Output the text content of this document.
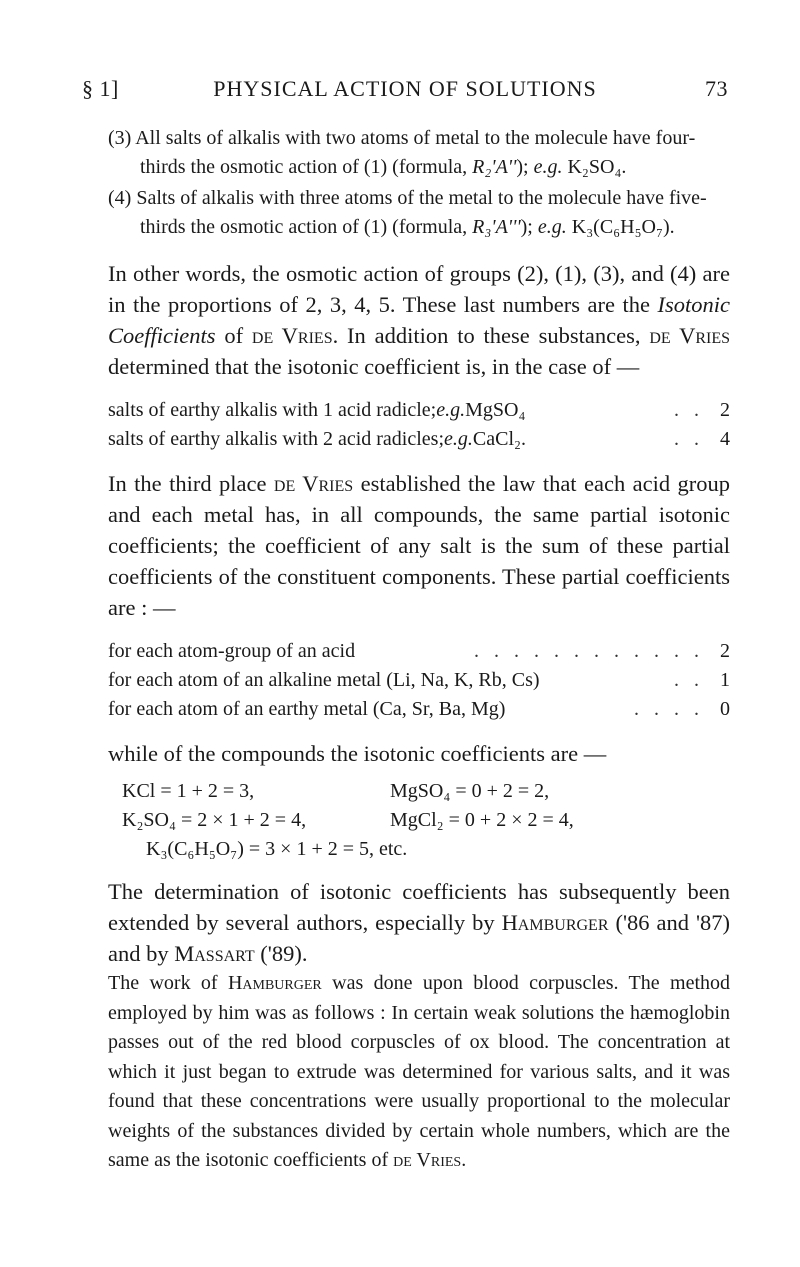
§ 1]	PHYSICAL ACTION OF SOLUTIONS	73

(3) All salts of alkalis with two atoms of metal to the molecule have four-thirds the osmotic action of (1) (formula, R₂'A''); e.g. K₂SO₄.

(4) Salts of alkalis with three atoms of the metal to the molecule have five-thirds the osmotic action of (1) (formula, R₃'A'''); e.g. K₃(C₆H₅O₇).

In other words, the osmotic action of groups (2), (1), (3), and (4) are in the proportions of 2, 3, 4, 5. These last numbers are the Isotonic Coefficients of de Vries. In addition to these substances, de Vries determined that the isotonic coefficient is, in the case of —

salts of earthy alkalis with 1 acid radicle; e.g. MgSO₄	. . 2
salts of earthy alkalis with 2 acid radicles; e.g. CaCl₂.	. . 4

In the third place de Vries established the law that each acid group and each metal has, in all compounds, the same partial isotonic coefficients; the coefficient of any salt is the sum of these partial coefficients of the constituent components. These partial coefficients are : —

for each atom-group of an acid	. . . . . . . . . . . . 2
for each atom of an alkaline metal (Li, Na, K, Rb, Cs)	. . 1
for each atom of an earthy metal (Ca, Sr, Ba, Mg)	. . . . 0

while of the compounds the isotonic coefficients are —

KCl = 1 + 2 = 3,	MgSO₄ = 0 + 2 = 2,
K₂SO₄ = 2 × 1 + 2 = 4,	MgCl₂ = 0 + 2 × 2 = 4,
K₃(C₆H₅O₇) = 3 × 1 + 2 = 5, etc.

The determination of isotonic coefficients has subsequently been extended by several authors, especially by Hamburger ('86 and '87) and by Massart ('89).

The work of Hamburger was done upon blood corpuscles. The method employed by him was as follows : In certain weak solutions the hæmoglobin passes out of the red blood corpuscles of ox blood. The concentration at which it just began to extrude was determined for various salts, and it was found that these concentrations were usually proportional to the molecular weights of the substances divided by certain whole numbers, which are the same as the isotonic coefficients of de Vries.
